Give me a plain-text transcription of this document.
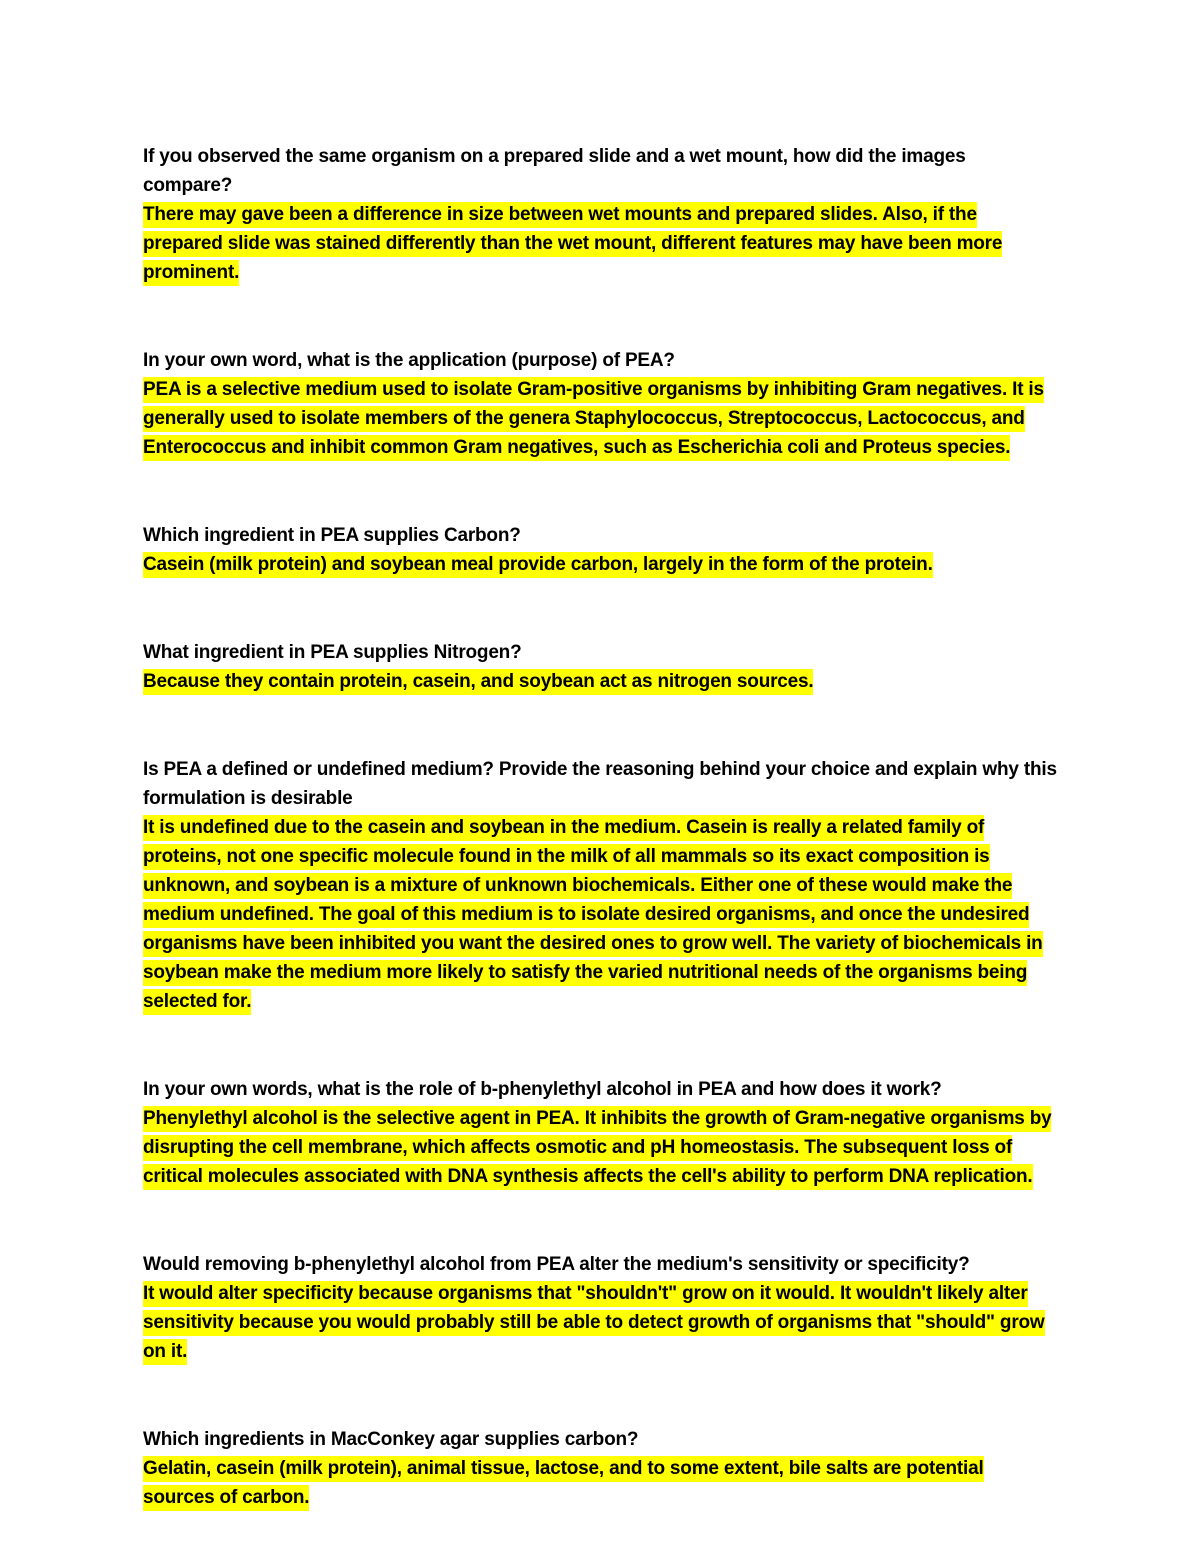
If you observed the same organism on a prepared slide and a wet mount, how did the images compare?

There may gave been a difference in size between wet mounts and prepared slides. Also, if the prepared slide was stained differently than the wet mount, different features may have been more prominent.

In your own word, what is the application (purpose) of PEA?

PEA is a selective medium used to isolate Gram-positive organisms by inhibiting Gram negatives. It is generally used to isolate members of the genera Staphylococcus, Streptococcus, Lactococcus, and Enterococcus and inhibit common Gram negatives, such as Escherichia coli and Proteus species.

Which ingredient in PEA supplies Carbon?

Casein (milk protein) and soybean meal provide carbon, largely in the form of the protein.

What ingredient in PEA supplies Nitrogen?

Because they contain protein, casein, and soybean act as nitrogen sources.

Is PEA a defined or undefined medium? Provide the reasoning behind your choice and explain why this formulation is desirable

It is undefined due to the casein and soybean in the medium. Casein is really a related family of proteins, not one specific molecule found in the milk of all mammals so its exact composition is unknown, and soybean is a mixture of unknown biochemicals. Either one of these would make the medium undefined. The goal of this medium is to isolate desired organisms, and once the undesired organisms have been inhibited you want the desired ones to grow well. The variety of biochemicals in soybean make the medium more likely to satisfy the varied nutritional needs of the organisms being selected for.

In your own words, what is the role of b-phenylethyl alcohol in PEA and how does it work?

Phenylethyl alcohol is the selective agent in PEA. It inhibits the growth of Gram-negative organisms by disrupting the cell membrane, which affects osmotic and pH homeostasis. The subsequent loss of critical molecules associated with DNA synthesis affects the cell's ability to perform DNA replication.

Would removing b-phenylethyl alcohol from PEA alter the medium's sensitivity or specificity?

It would alter specificity because organisms that "shouldn't" grow on it would. It wouldn't likely alter sensitivity because you would probably still be able to detect growth of organisms that "should" grow on it.

Which ingredients in MacConkey agar supplies carbon?

Gelatin, casein (milk protein), animal tissue, lactose, and to some extent, bile salts are potential sources of carbon.
